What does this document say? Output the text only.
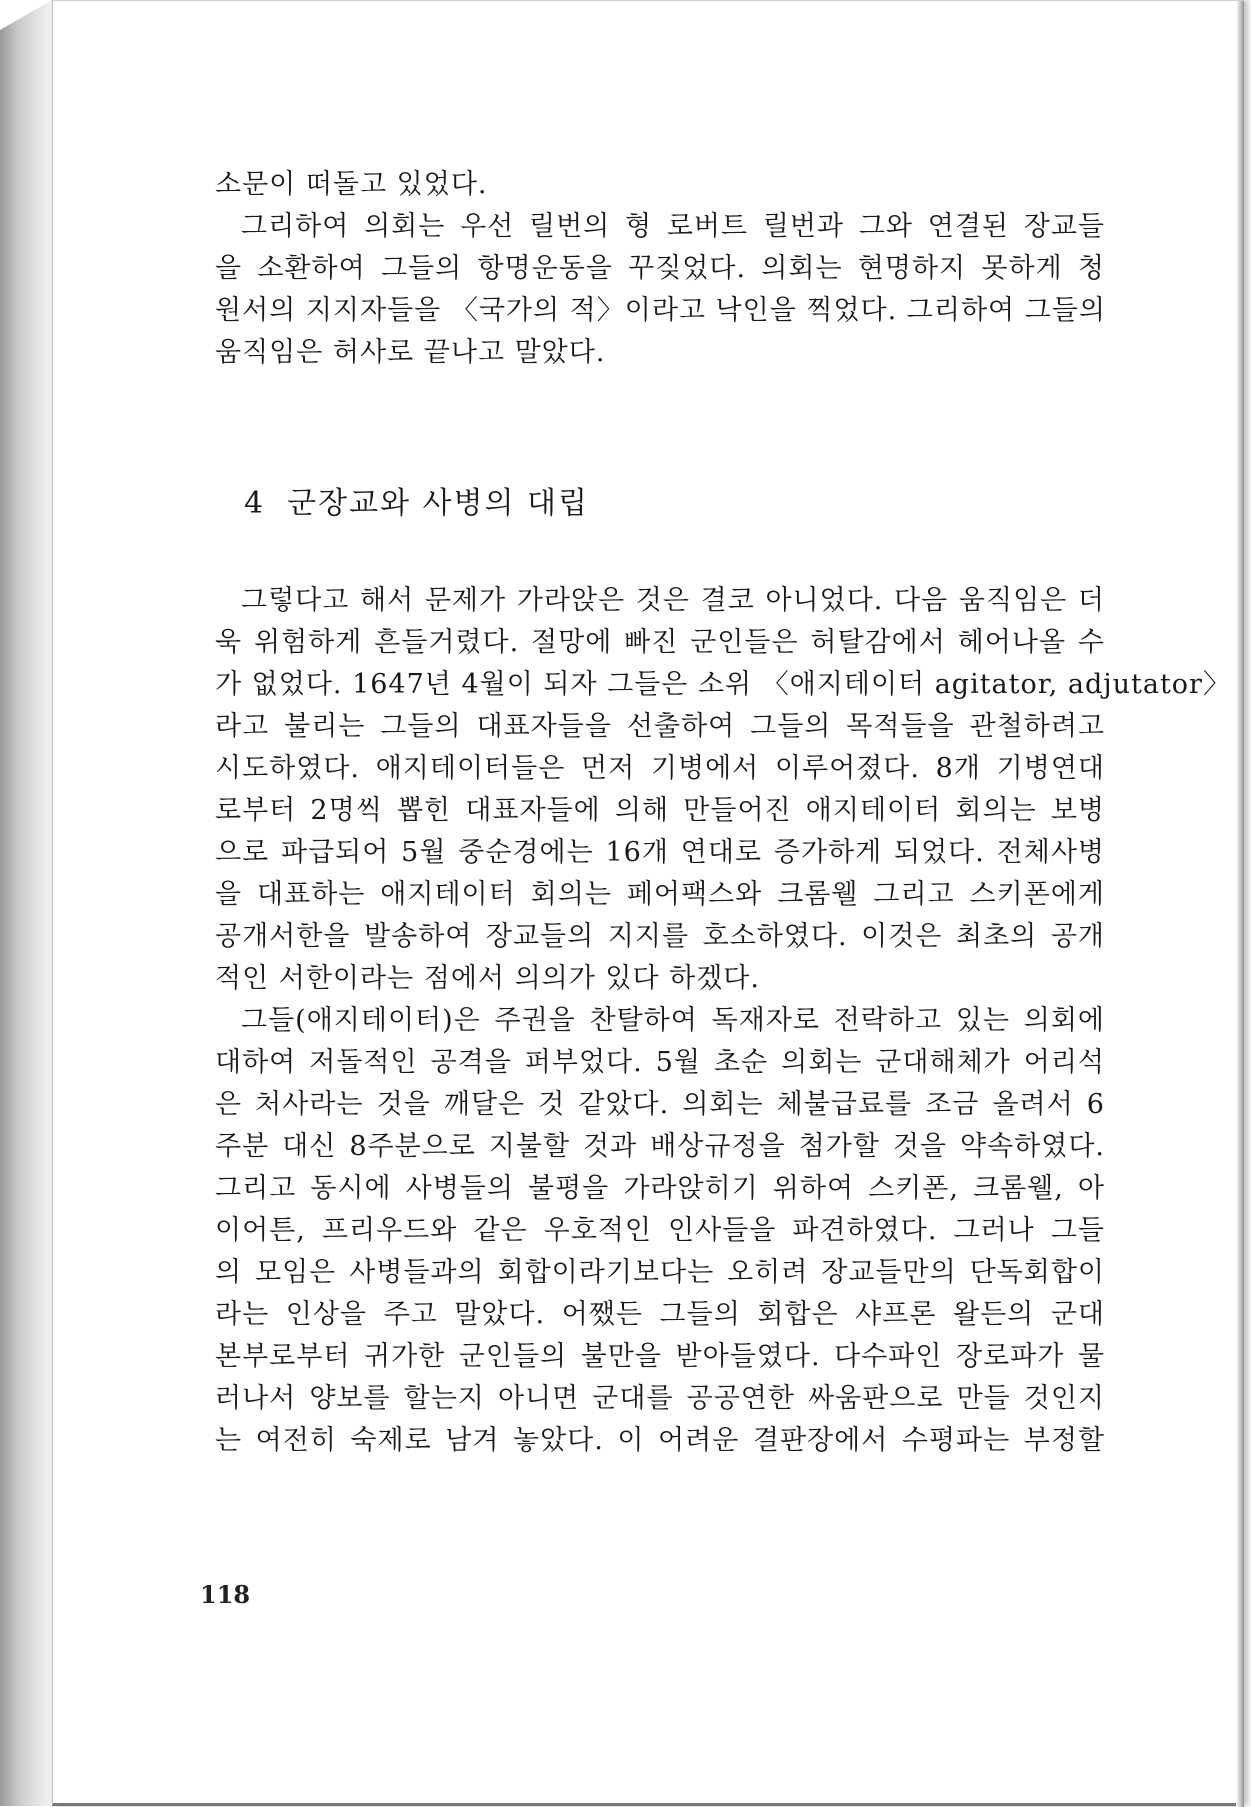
소문이 떠돌고 있었다.
그리하여 의회는 우선 릴번의 형 로버트 릴번과 그와 연결된 장교들
을 소환하여 그들의 항명운동을 꾸짖었다. 의회는 현명하지 못하게 청
원서의 지지자들을 〈국가의 적〉이라고 낙인을 찍었다. 그리하여 그들의
움직임은 허사로 끝나고 말았다.
4 군장교와 사병의 대립
그렇다고 해서 문제가 가라앉은 것은 결코 아니었다. 다음 움직임은 더
욱 위험하게 흔들거렸다. 절망에 빠진 군인들은 허탈감에서 헤어나올 수
가 없었다. 1647년 4월이 되자 그들은 소위 〈애지테이터 agitator, adjutator〉
라고 불리는 그들의 대표자들을 선출하여 그들의 목적들을 관철하려고
시도하였다. 애지테이터들은 먼저 기병에서 이루어졌다. 8개 기병연대
로부터 2명씩 뽑힌 대표자들에 의해 만들어진 애지테이터 회의는 보병
으로 파급되어 5월 중순경에는 16개 연대로 증가하게 되었다. 전체사병
을 대표하는 애지테이터 회의는 페어팩스와 크롬웰 그리고 스키폰에게
공개서한을 발송하여 장교들의 지지를 호소하였다. 이것은 최초의 공개
적인 서한이라는 점에서 의의가 있다 하겠다.
그들(애지테이터)은 주권을 찬탈하여 독재자로 전락하고 있는 의회에
대하여 저돌적인 공격을 퍼부었다. 5월 초순 의회는 군대해체가 어리석
은 처사라는 것을 깨달은 것 같았다. 의회는 체불급료를 조금 올려서 6
주분 대신 8주분으로 지불할 것과 배상규정을 첨가할 것을 약속하였다.
그리고 동시에 사병들의 불평을 가라앉히기 위하여 스키폰, 크롬웰, 아
이어튼, 프리우드와 같은 우호적인 인사들을 파견하였다. 그러나 그들
의 모임은 사병들과의 회합이라기보다는 오히려 장교들만의 단독회합이
라는 인상을 주고 말았다. 어쨌든 그들의 회합은 샤프론 왈든의 군대
본부로부터 귀가한 군인들의 불만을 받아들였다. 다수파인 장로파가 물
러나서 양보를 할는지 아니면 군대를 공공연한 싸움판으로 만들 것인지
는 여전히 숙제로 남겨 놓았다. 이 어려운 결판장에서 수평파는 부정할
118
